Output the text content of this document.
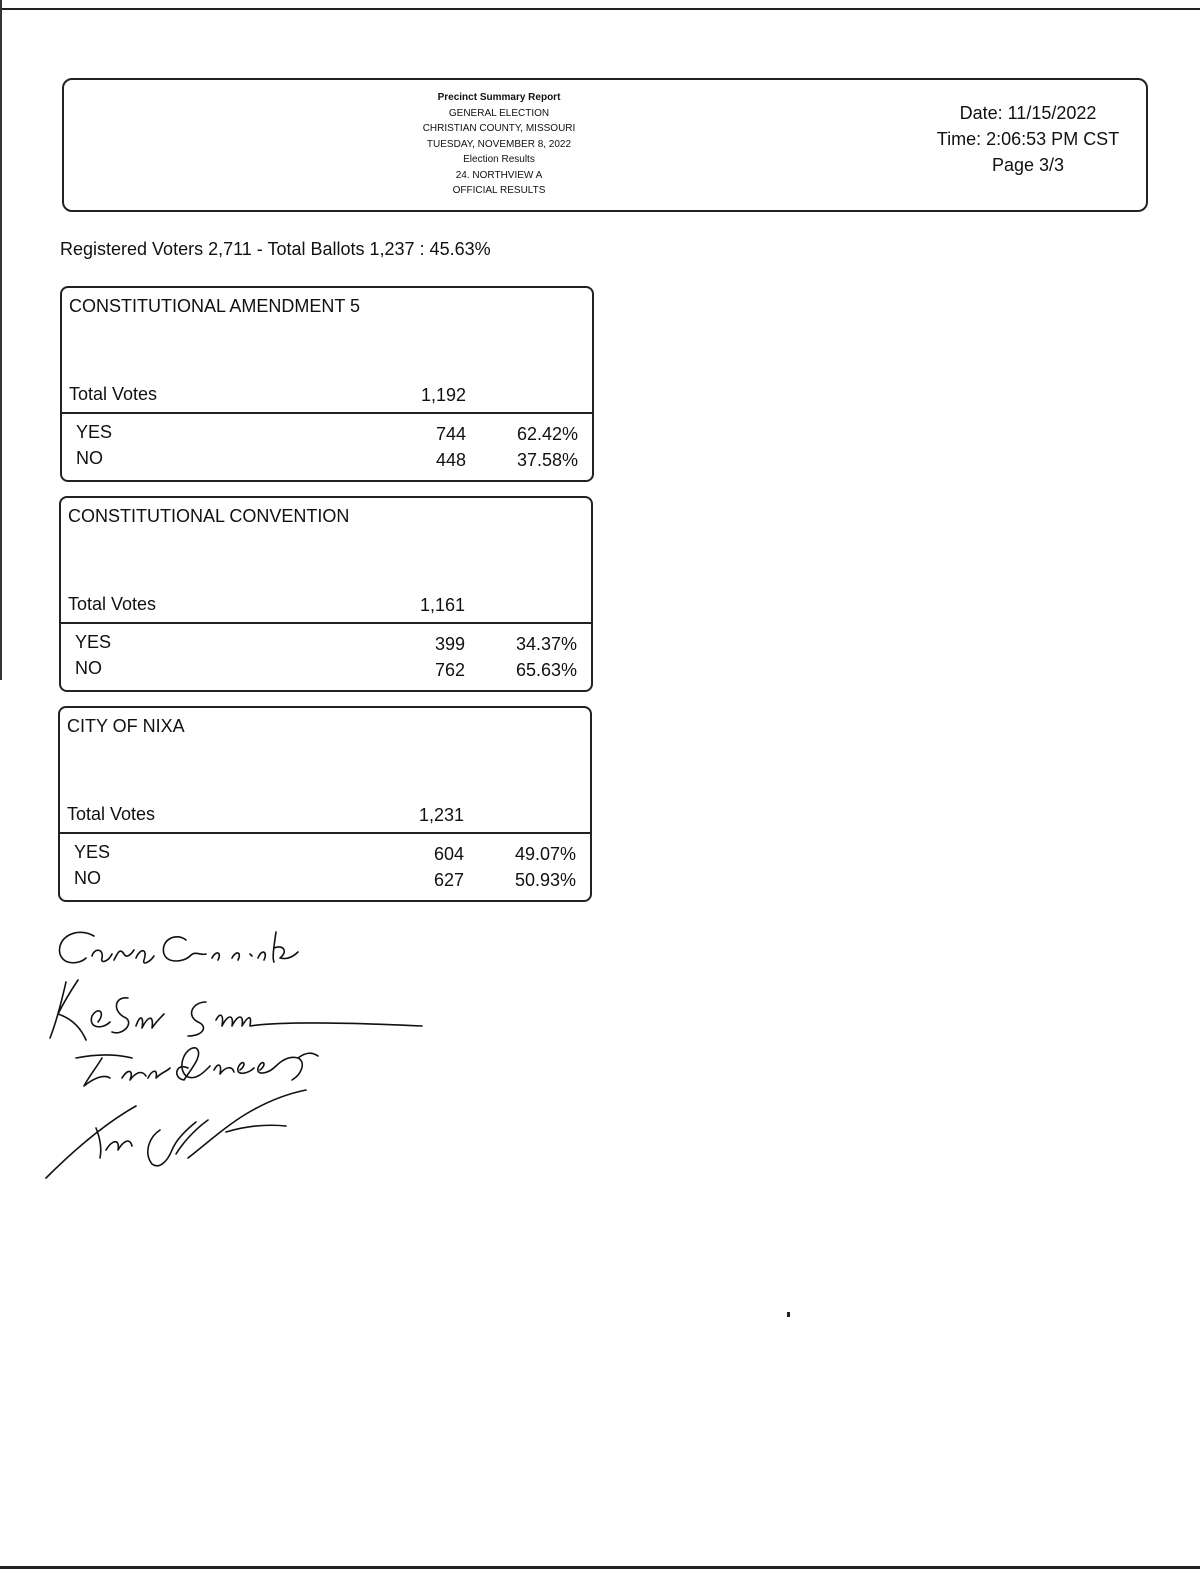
Precinct Summary Report
GENERAL ELECTION
CHRISTIAN COUNTY, MISSOURI
TUESDAY, NOVEMBER 8, 2022
Election Results
24. NORTHVIEW A
OFFICIAL RESULTS
Date: 11/15/2022
Time: 2:06:53 PM CST
Page 3/3
Registered Voters 2,711 - Total Ballots 1,237 : 45.63%
CONSTITUTIONAL AMENDMENT 5
Total Votes	1,192
YES	744	62.42%
NO	448	37.58%
CONSTITUTIONAL CONVENTION
Total Votes	1,161
YES	399	34.37%
NO	762	65.63%
CITY OF NIXA
Total Votes	1,231
YES	604	49.07%
NO	627	50.93%
